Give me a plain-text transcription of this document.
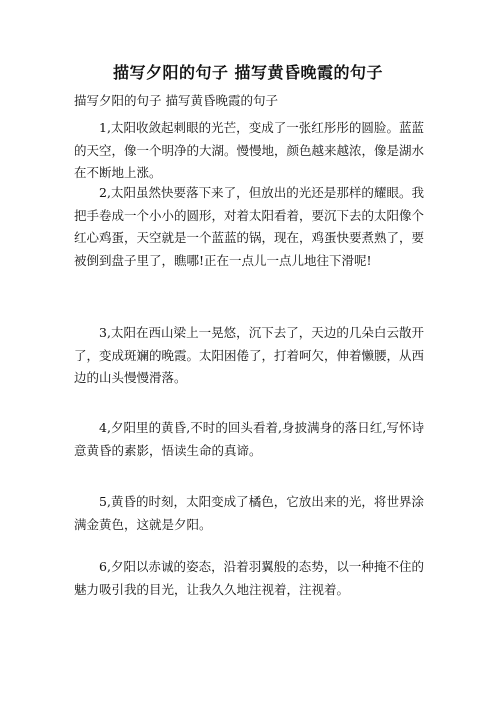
描写夕阳的句子 描写黄昏晚霞的句子
描写夕阳的句子 描写黄昏晚霞的句子

1,太阳收敛起刺眼的光芒，变成了一张红彤彤的圆脸。蓝蓝的天空，像一个明净的大湖。慢慢地，颜色越来越浓，像是湖水在不断地上涨。

2,太阳虽然快要落下来了，但放出的光还是那样的耀眼。我把手卷成一个小小的圆形，对着太阳看着，要沉下去的太阳像个红心鸡蛋，天空就是一个蓝蓝的锅，现在，鸡蛋快要煮熟了，要被倒到盘子里了，瞧哪!正在一点儿一点儿地往下滑呢!

3,太阳在西山梁上一晃悠，沉下去了，天边的几朵白云散开了，变成斑斓的晚霞。太阳困倦了，打着呵欠，伸着懒腰，从西边的山头慢慢滑落。

4,夕阳里的黄昏,不时的回头看着,身披满身的落日红,写怀诗意黄昏的素影，悟读生命的真谛。

5,黄昏的时刻，太阳变成了橘色，它放出来的光，将世界涂满金黄色，这就是夕阳。

6,夕阳以赤诚的姿态，沿着羽翼般的态势，以一种掩不住的魅力吸引我的目光，让我久久地注视着，注视着。
